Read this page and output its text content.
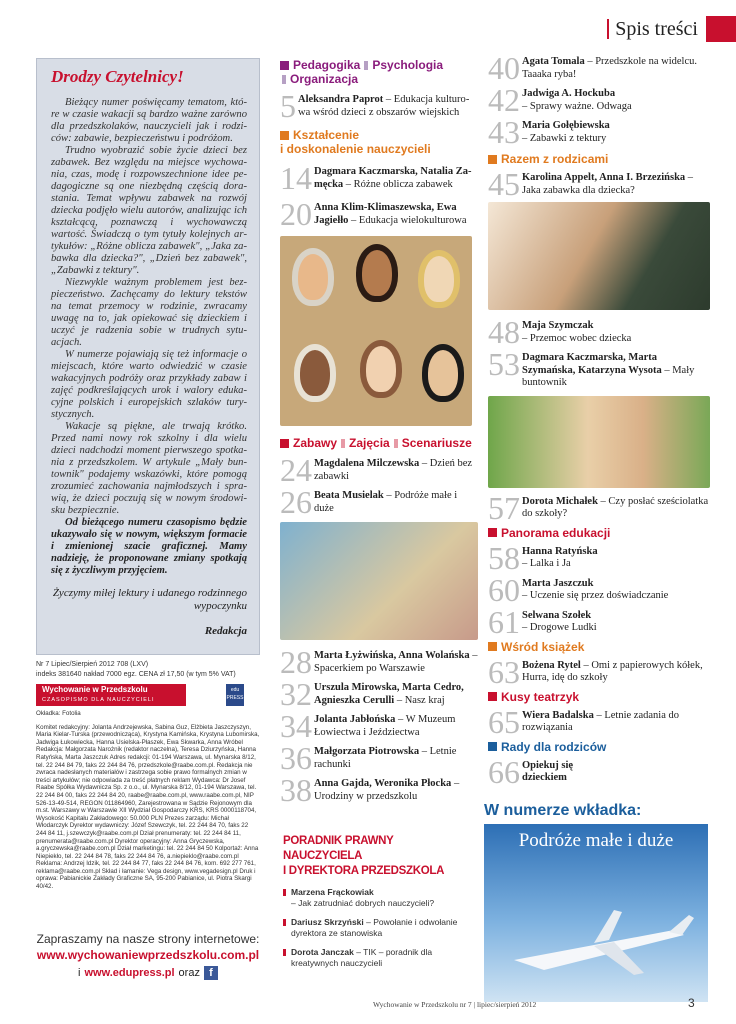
Spis treści
Drodzy Czytelnicy!

Bieżący numer poświęcamy tematom, które w czasie wakacji są bardzo ważne zarówno dla przedszkolaków, nauczycieli jak i rodziców: zabawie, bezpieczeństwu i podróżom.

Trudno wyobrazić sobie życie dzieci bez zabawek. Bez względu na miejsce wychowania, czas, modę i rozpowszechnione idee pedagogiczne są one niezbędną częścią dorastania. Temat wpływu zabawek na rozwój dziecka podjęło wielu autorów, analizując ich kształcącą, poznawczą i wychowawczą wartość. Świadczą o tym tytuły kolejnych artykułów: „Różne oblicza zabawek", „Jaka zabawka dla dziecka?", „Dzień bez zabawek", „Zabawki z tektury".

Niezwykle ważnym problemem jest bezpieczeństwo. Zachęcamy do lektury tekstów na temat przemocy w rodzinie, zwracamy uwagę na to, jak opiekować się dzieckiem i uczyć je radzenia sobie w trudnych sytuacjach.

W numerze pojawiają się też informacje o miejscach, które warto odwiedzić w czasie wakacyjnych podróży oraz przykłady zabaw i zajęć podkreślających urok i walory edukacyjne polskich i europejskich szlaków turystycznych.

Wakacje są piękne, ale trwają krótko. Przed nami nowy rok szkolny i dla wielu dzieci nadchodzi moment pierwszego spotkania z przedszkolem. W artykule „Mały buntownik" podajemy wskazówki, które pomogą zrozumieć zachowania najmłodszych i sprawią, że dzieci poczują się w nowym środowisku bezpiecznie.

Od bieżącego numeru czasopismo będzie ukazywało się w nowym, większym formacie i zmienionej szacie graficznej. Mamy nadzieję, że proponowane zmiany spotkają się z życzliwym przyjęciem.

Życzymy miłej lektury i udanego rodzinnego wypoczynku
Redakcja
Nr 7 Lipiec/Sierpień 2012 708 (LXV)
indeks 381640 nakład 7000 egz. CENA zł 17,50 (w tym 5% VAT)
Wychowanie w Przedszkolu
CZASOPISMO DLA NAUCZYCIELI
edu PRESS
Okładka: Fotolia
Komitet redakcyjny: Jolanta Andrzejewska, Sabina Guz, Elżbieta Jaszczyszyn, Maria Kielar-Turska (przewodnicząca), Krystyna Kamińska, Krystyna Lubomirska, Jadwiga Łukowiecka, Hanna Usielska-Płaszek, Ewa Skwarka, Anna Wróbel Redakcja: Małgorzata Narożnik (redaktor naczelna), Teresa Dziurzyńska, Hanna Ratyńska, Marta Jaszczuk Adres redakcji: 01-194 Warszawa, ul. Mynarska 8/12, tel. 22 244 84 79, faks 22 244 84 76, przedszkole@raabe.com.pl. Redakcja nie zwraca nadesłanych materiałów i zastrzega sobie prawo formalnych zmian w treści artykułów; nie odpowiada za treść płatnych reklam Wydawca: Dr Josef Raabe Spółka Wydawnicza Sp. z o.o., ul. Mynarska 8/12, 01-194 Warszawa, tel. 22 244 84 00, faks 22 244 84 20, raabe@raabe.com.pl, www.raabe.com.pl, NIP 526-13-49-514, REGON 011864960, Zarejestrowana w Sądzie Rejonowym dla m.st. Warszawy w Warszawie XII Wydział Gospodarczy KRS, KRS 0000118704, Wysokość Kapitału Zakładowego: 50.000 PLN Prezes zarządu: Michał Włodarczyk Dyrektor wydawniczy: Józef Szewczyk, tel. 22 244 84 70, faks 22 244 84 11, j.szewczyk@raabe.com.pl Dział prenumeraty: tel. 22 244 84 11, prenumerata@raabe.com.pl Dyrektor operacyjny: Anna Gryczewska, a.gryczewska@raabe.com.pl Dział marketingu: tel. 22 244 84 50 Kolportaż: Anna Niepiekło, tel. 22 244 84 78, faks 22 244 84 76, a.niepieklo@raabe.com.pl Reklama: Andrzej Idzik, tel. 22 244 84 77, faks 22 244 84 76, kom. 692 277 761, reklama@raabe.com.pl Skład i łamanie: Vega design, www.vegadesign.pl Druk i oprawa: Pabianickie Zakłady Graficzne SA, 95-200 Pabianice, ul. Piotra Skargi 40/42.
Zapraszamy na nasze strony internetowe:
www.wychowaniewprzedszkolu.com.pl
i www.edupress.pl oraz f
Pedagogika Psychologia
Organizacja
5 Aleksandra Paprot – Edukacja kulturowa wśród dzieci z obszarów wiejskich
Kształcenie
i doskonalenie nauczycieli
14 Dagmara Kaczmarska, Natalia Zamęcka – Różne oblicza zabawek
20 Anna Klim-Klimaszewska, Ewa Jagiełło – Edukacja wielokulturowa
Zabawy Zajęcia Scenariusze
24 Magdalena Milczewska – Dzień bez zabawki
26 Beata Musielak – Podróże małe i duże
28 Marta Łyżwińska, Anna Wolańska – Spacerkiem po Warszawie
32 Urszula Mirowska, Marta Cedro, Agnieszka Cerulli – Nasz kraj
34 Jolanta Jabłońska – W Muzeum Łowiectwa i Jeździectwa
36 Małgorzata Piotrowska – Letnie rachunki
38 Anna Gajda, Weronika Płocka – Urodziny w przedszkolu
PORADNIK PRAWNY NAUCZYCIELA
I DYREKTORA PRZEDSZKOLA
Marzena Frąckowiak
– Jak zatrudniać dobrych nauczycieli?
Dariusz Skrzyński – Powołanie i odwołanie dyrektora ze stanowiska
Dorota Janczak – TIK – poradnik dla kreatywnych nauczycieli
40 Agata Tomala – Przedszkole na widelcu. Taaaka ryba!
42 Jadwiga A. Hockuba
– Sprawy ważne. Odwaga
43 Maria Gołębiewska
– Zabawki z tektury
Razem z rodzicami
45 Karolina Appelt, Anna I. Brzezińska – Jaka zabawka dla dziecka?
48 Maja Szymczak
– Przemoc wobec dziecka
53 Dagmara Kaczmarska, Marta Szymańska, Katarzyna Wysota – Mały buntownik
57 Dorota Michałek – Czy posłać sześciolatka do szkoły?
Panorama edukacji
58 Hanna Ratyńska
– Lalka i Ja
60 Marta Jaszczuk
– Uczenie się przez doświadczanie
61 Selwana Szołek
– Drogowe Ludki
Wśród książek
63 Bożena Rytel – Omi z papierowych kółek, Hurra, idę do szkoły
Kusy teatrzyk
65 Wiera Badalska – Letnie zadania do rozwiązania
Rady dla rodziców
66 Opiekuj się dzieckiem
W numerze wkładka:
Podróże małe i duże
Wychowanie w Przedszkolu nr 7 | lipiec/sierpień 2012	3
